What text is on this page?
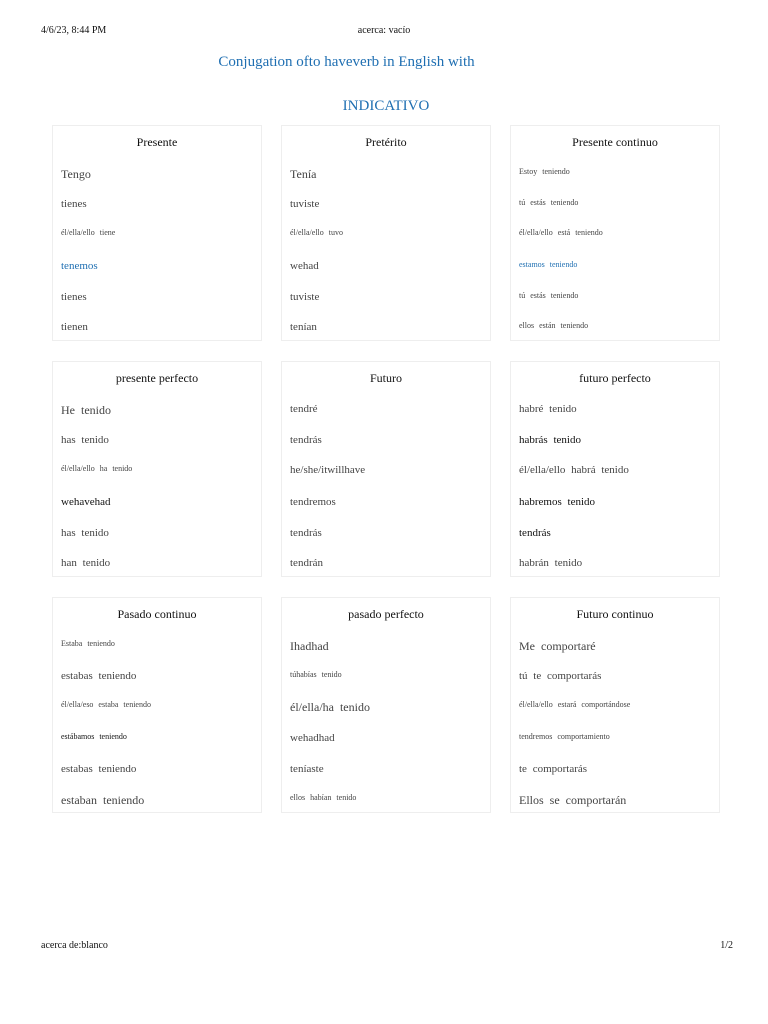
4/6/23, 8:44 PM	acerca: vacío
Conjugation ofto haveverb in English with
INDICATIVO
Presente
Tengo
tienes
él/ella/ello tiene
tenemos
tienes
tienen
Pretérito
Tenía
tuviste
él/ella/ello tuvo
wehad
tuviste
tenían
Presente continuo
Estoy teniendo
tú estás teniendo
él/ella/ello está teniendo
estamos teniendo
tú estás teniendo
ellos están teniendo
presente perfecto
He tenido
has tenido
él/ella/ello ha tenido
wehavehad
has tenido
han tenido
Futuro
tendré
tendrás
he/she/itwillhave
tendremos
tendrás
tendrán
futuro perfecto
habré tenido
habrás tenido
él/ella/ello habrá tenido
habremos tenido
tendrás
habrán tenido
Pasado continuo
Estaba teniendo
estabas teniendo
él/ella/eso estaba teniendo
estábamos teniendo
estabas teniendo
estaban teniendo
pasado perfecto
Ihadhad
túhabías tenido
él/ella/ha tenido
wehadhad
teníaste
ellos habían tenido
Futuro continuo
Me comportaré
tú te comportarás
él/ella/ello estará comportándose
tendremos comportamiento
te comportarás
Ellos se comportarán
acerca de:blanco	1/2
